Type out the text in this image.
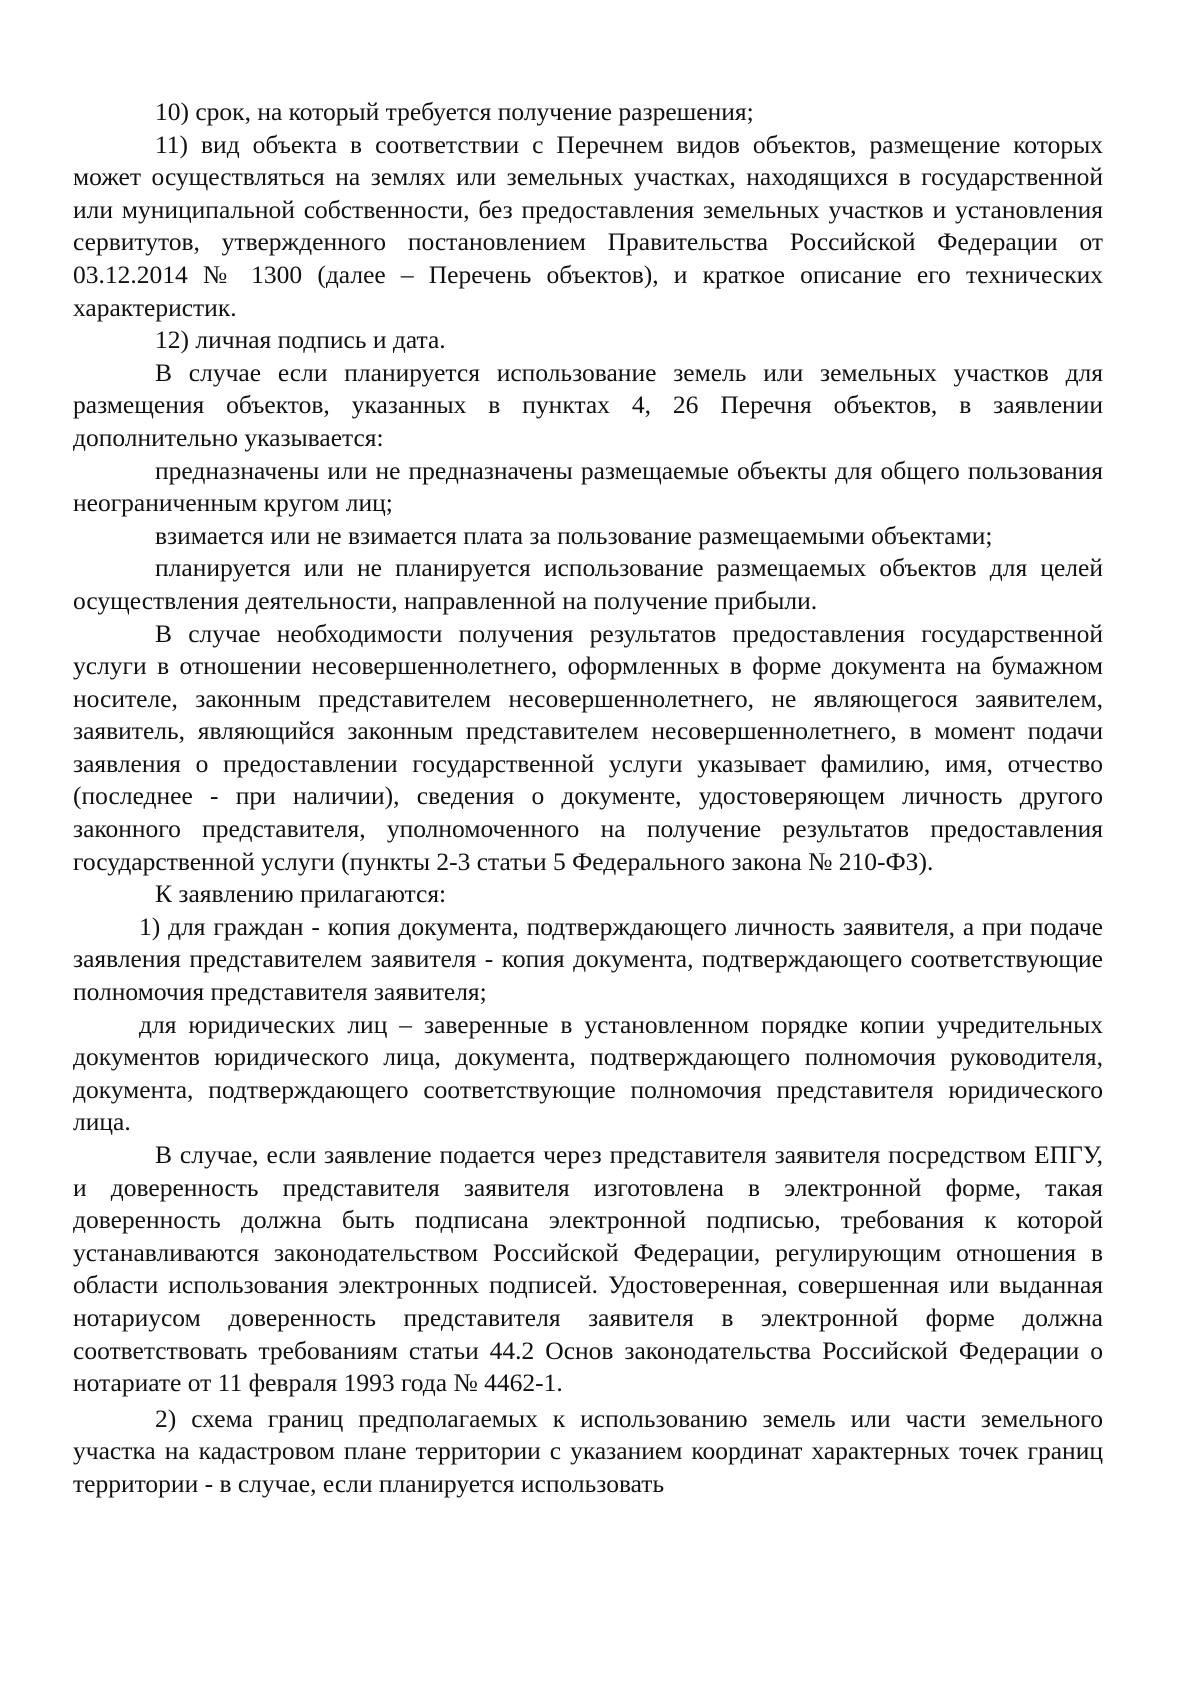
10) срок, на который требуется получение разрешения;

11) вид объекта в соответствии с Перечнем видов объектов, размещение которых может осуществляться на землях или земельных участках, находящихся в государственной или муниципальной собственности, без предоставления земельных участков и установления сервитутов, утвержденного постановлением Правительства Российской Федерации от 03.12.2014 № 1300 (далее – Перечень объектов), и краткое описание его технических характеристик.

12) личная подпись и дата.

В случае если планируется использование земель или земельных участков для размещения объектов, указанных в пунктах 4, 26 Перечня объектов, в заявлении дополнительно указывается:

предназначены или не предназначены размещаемые объекты для общего пользования неограниченным кругом лиц;

взимается или не взимается плата за пользование размещаемыми объектами;

планируется или не планируется использование размещаемых объектов для целей осуществления деятельности, направленной на получение прибыли.

В случае необходимости получения результатов предоставления государственной услуги в отношении несовершеннолетнего, оформленных в форме документа на бумажном носителе, законным представителем несовершеннолетнего, не являющегося заявителем, заявитель, являющийся законным представителем несовершеннолетнего, в момент подачи заявления о предоставлении государственной услуги указывает фамилию, имя, отчество (последнее - при наличии), сведения о документе, удостоверяющем личность другого законного представителя, уполномоченного на получение результатов предоставления государственной услуги (пункты 2-3 статьи 5 Федерального закона № 210-ФЗ).

К заявлению прилагаются:

1) для граждан - копия документа, подтверждающего личность заявителя, а при подаче заявления представителем заявителя - копия документа, подтверждающего соответствующие полномочия представителя заявителя;

для юридических лиц – заверенные в установленном порядке копии учредительных документов юридического лица, документа, подтверждающего полномочия руководителя, документа, подтверждающего соответствующие полномочия представителя юридического лица.

В случае, если заявление подается через представителя заявителя посредством ЕПГУ, и доверенность представителя заявителя изготовлена в электронной форме, такая доверенность должна быть подписана электронной подписью, требования к которой устанавливаются законодательством Российской Федерации, регулирующим отношения в области использования электронных подписей. Удостоверенная, совершенная или выданная нотариусом доверенность представителя заявителя в электронной форме должна соответствовать требованиям статьи 44.2 Основ законодательства Российской Федерации о нотариате от 11 февраля 1993 года № 4462-1.

2) схема границ предполагаемых к использованию земель или части земельного участка на кадастровом плане территории с указанием координат характерных точек границ территории - в случае, если планируется использовать
